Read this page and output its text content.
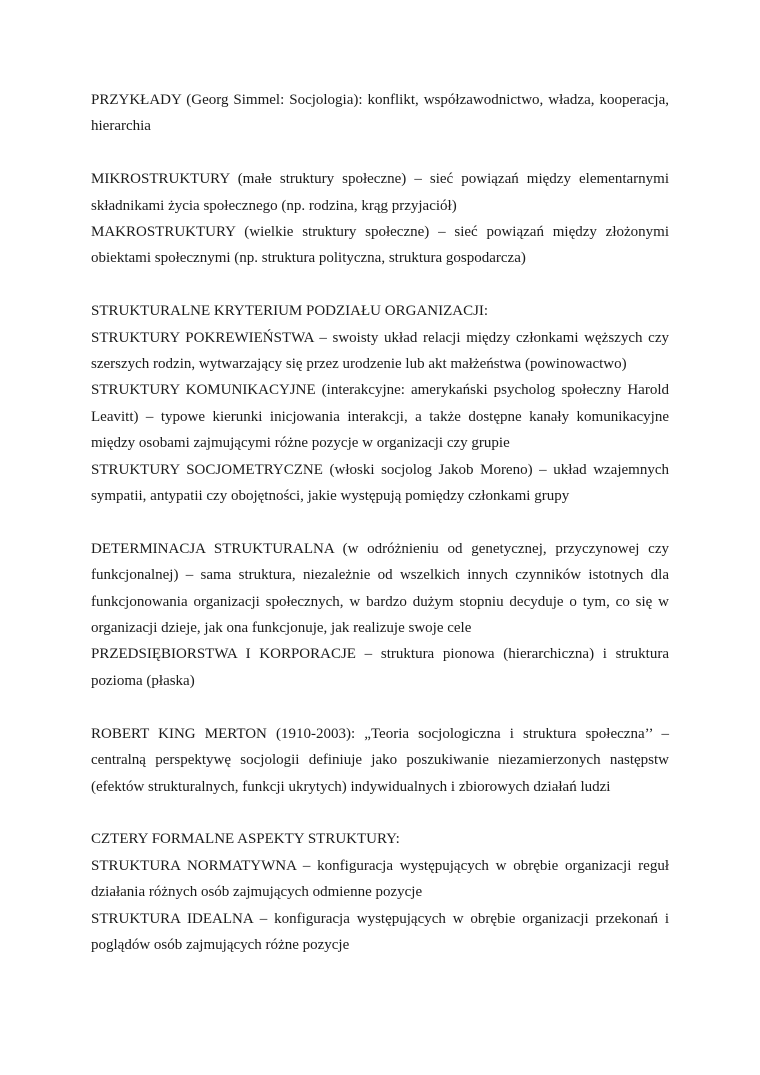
PRZYKŁADY (Georg Simmel: Socjologia): konflikt, współzawodnictwo, władza, kooperacja, hierarchia

MIKROSTRUKTURY (małe struktury społeczne) – sieć powiązań między elementarnymi składnikami życia społecznego (np. rodzina, krąg przyjaciół)

MAKROSTRUKTURY (wielkie struktury społeczne) – sieć powiązań między złożonymi obiektami społecznymi (np. struktura polityczna, struktura gospodarcza)

STRUKTURALNE KRYTERIUM PODZIAŁU ORGANIZACJI:

STRUKTURY POKREWIEŃSTWA – swoisty układ relacji między członkami węższych czy szerszych rodzin, wytwarzający się przez urodzenie lub akt małżeństwa (powinowactwo)

STRUKTURY KOMUNIKACYJNE (interakcyjne: amerykański psycholog społeczny Harold Leavitt) – typowe kierunki inicjowania interakcji, a także dostępne kanały komunikacyjne między osobami zajmującymi różne pozycje w organizacji czy grupie

STRUKTURY SOCJOMETRYCZNE (włoski socjolog Jakob Moreno) – układ wzajemnych sympatii, antypatii czy obojętności, jakie występują pomiędzy członkami grupy

DETERMINACJA STRUKTURALNA (w odróżnieniu od genetycznej, przyczynowej czy funkcjonalnej) – sama struktura, niezależnie od wszelkich innych czynników istotnych dla funkcjonowania organizacji społecznych, w bardzo dużym stopniu decyduje o tym, co się w organizacji dzieje, jak ona funkcjonuje, jak realizuje swoje cele

PRZEDSIĘBIORSTWA I KORPORACJE – struktura pionowa (hierarchiczna) i struktura pozioma (płaska)

ROBERT KING MERTON (1910-2003): „Teoria socjologiczna i struktura społeczna’’ – centralną perspektywę socjologii definiuje jako poszukiwanie niezamierzonych następstw (efektów strukturalnych, funkcji ukrytych) indywidualnych i zbiorowych działań ludzi

CZTERY FORMALNE ASPEKTY STRUKTURY:

STRUKTURA NORMATYWNA – konfiguracja występujących w obrębie organizacji reguł działania różnych osób zajmujących odmienne pozycje

STRUKTURA IDEALNA – konfiguracja występujących w obrębie organizacji przekonań i poglądów osób zajmujących różne pozycje
